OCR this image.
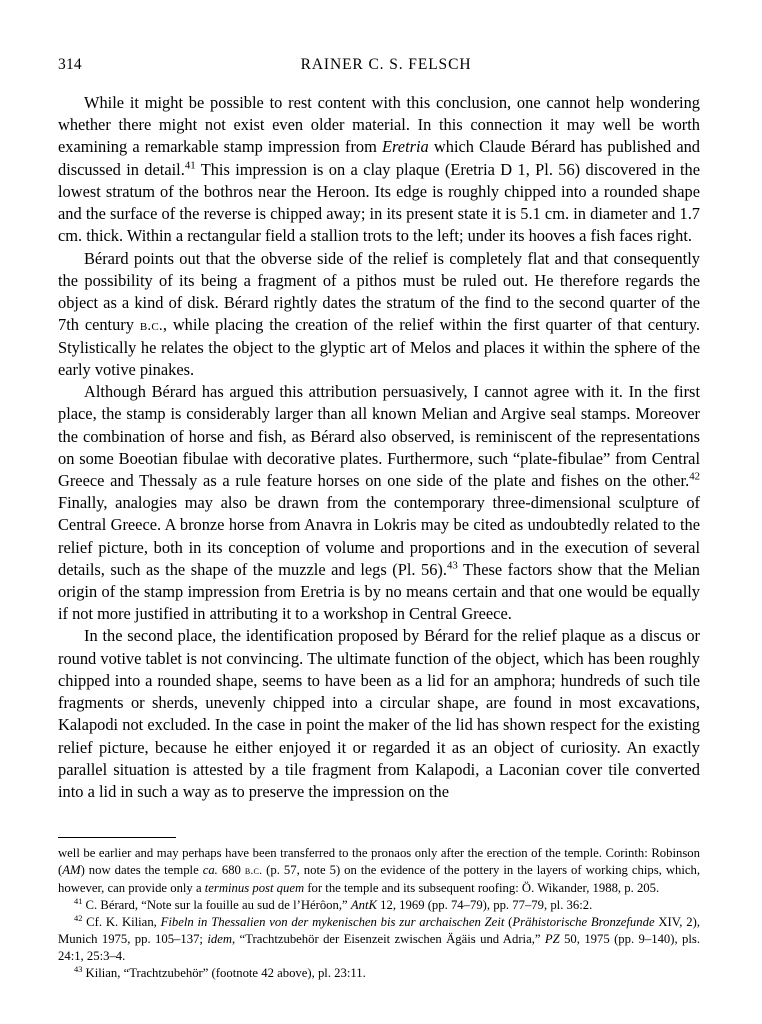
314	RAINER C. S. FELSCH

While it might be possible to rest content with this conclusion, one cannot help wondering whether there might not exist even older material. In this connection it may well be worth examining a remarkable stamp impression from Eretria which Claude Bérard has published and discussed in detail.$^{41}$ This impression is on a clay plaque (Eretria D 1, Pl. 56) discovered in the lowest stratum of the bothros near the Heroon. Its edge is roughly chipped into a rounded shape and the surface of the reverse is chipped away; in its present state it is 5.1 cm. in diameter and 1.7 cm. thick. Within a rectangular field a stallion trots to the left; under its hooves a fish faces right.

Bérard points out that the obverse side of the relief is completely flat and that consequently the possibility of its being a fragment of a pithos must be ruled out. He therefore regards the object as a kind of disk. Bérard rightly dates the stratum of the find to the second quarter of the 7th century b.c., while placing the creation of the relief within the first quarter of that century. Stylistically he relates the object to the glyptic art of Melos and places it within the sphere of the early votive pinakes.

Although Bérard has argued this attribution persuasively, I cannot agree with it. In the first place, the stamp is considerably larger than all known Melian and Argive seal stamps. Moreover the combination of horse and fish, as Bérard also observed, is reminiscent of the representations on some Boeotian fibulae with decorative plates. Furthermore, such “plate-fibulae” from Central Greece and Thessaly as a rule feature horses on one side of the plate and fishes on the other.$^{42}$ Finally, analogies may also be drawn from the contemporary three-dimensional sculpture of Central Greece. A bronze horse from Anavra in Lokris may be cited as undoubtedly related to the relief picture, both in its conception of volume and proportions and in the execution of several details, such as the shape of the muzzle and legs (Pl. 56).$^{43}$ These factors show that the Melian origin of the stamp impression from Eretria is by no means certain and that one would be equally if not more justified in attributing it to a workshop in Central Greece.

In the second place, the identification proposed by Bérard for the relief plaque as a discus or round votive tablet is not convincing. The ultimate function of the object, which has been roughly chipped into a rounded shape, seems to have been as a lid for an amphora; hundreds of such tile fragments or sherds, unevenly chipped into a circular shape, are found in most excavations, Kalapodi not excluded. In the case in point the maker of the lid has shown respect for the existing relief picture, because he either enjoyed it or regarded it as an object of curiosity. An exactly parallel situation is attested by a tile fragment from Kalapodi, a Laconian cover tile converted into a lid in such a way as to preserve the impression on the

well be earlier and may perhaps have been transferred to the pronaos only after the erection of the temple. Corinth: Robinson (AM) now dates the temple ca. 680 b.c. (p. 57, note 5) on the evidence of the pottery in the layers of working chips, which, however, can provide only a terminus post quem for the temple and its subsequent roofing: Ö. Wikander, 1988, p. 205.

$^{41}$ C. Bérard, “Note sur la fouille au sud de l’Hérôon,” AntK 12, 1969 (pp. 74–79), pp. 77–79, pl. 36:2.

$^{42}$ Cf. K. Kilian, Fibeln in Thessalien von der mykenischen bis zur archaischen Zeit (Prähistorische Bronzefunde XIV, 2), Munich 1975, pp. 105–137; idem, “Trachtzubehör der Eisenzeit zwischen Ägäis und Adria,” PZ 50, 1975 (pp. 9–140), pls. 24:1, 25:3–4.

$^{43}$ Kilian, “Trachtzubehör” (footnote 42 above), pl. 23:11.
